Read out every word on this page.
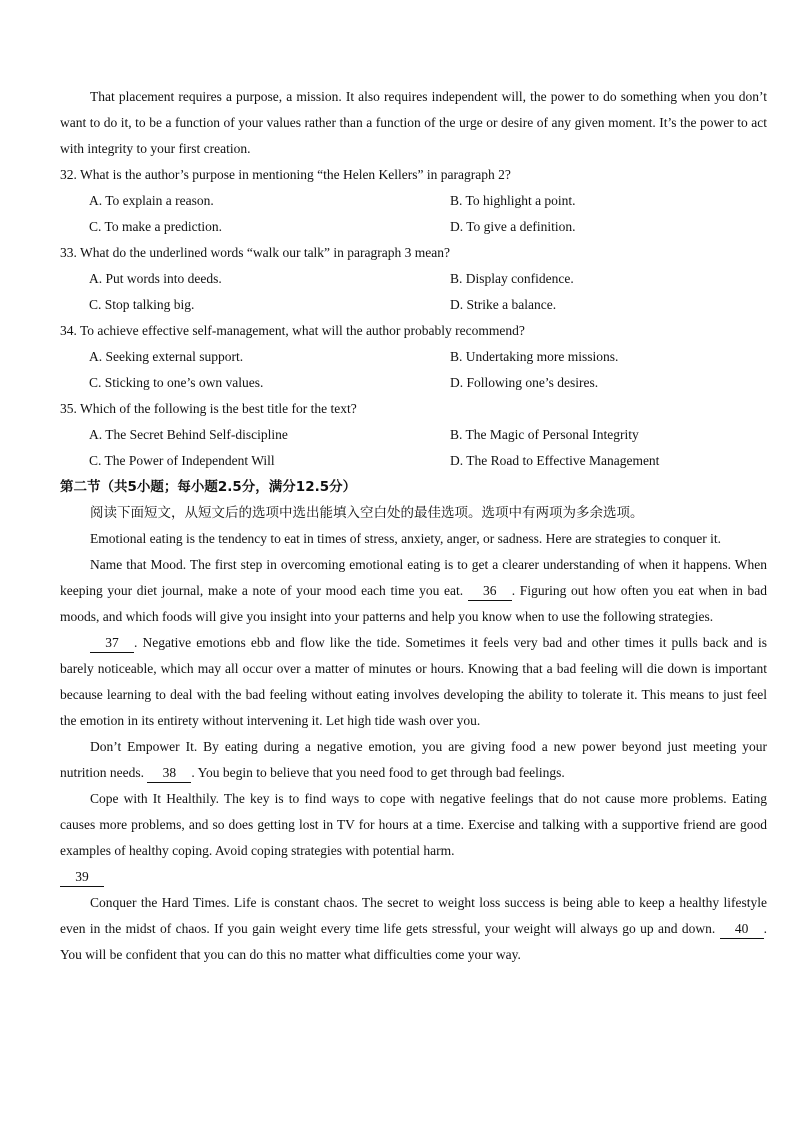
That placement requires a purpose, a mission. It also requires independent will, the power to do something when you don’t want to do it, to be a function of your values rather than a function of the urge or desire of any given moment. It’s the power to act with integrity to your first creation.

32. What is the author’s purpose in mentioning “the Helen Kellers” in paragraph 2?

A. To explain a reason.	B. To highlight a point.
C. To make a prediction.	D. To give a definition.

33. What do the underlined words “walk our talk” in paragraph 3 mean?

A. Put words into deeds.	B. Display confidence.
C. Stop talking big.	D. Strike a balance.

34. To achieve effective self-management, what will the author probably recommend?

A. Seeking external support.	B. Undertaking more missions.
C. Sticking to one’s own values.	D. Following one’s desires.

35. Which of the following is the best title for the text?

A. The Secret Behind Self-discipline	B. The Magic of Personal Integrity
C. The Power of Independent Will	D. The Road to Effective Management

第二节（共5小题；每小题2.5分，满分12.5分）

阅读下面短文，从短文后的选项中选出能填入空白处的最佳选项。选项中有两项为多余选项。

Emotional eating is the tendency to eat in times of stress, anxiety, anger, or sadness. Here are strategies to conquer it.

Name that Mood. The first step in overcoming emotional eating is to get a clearer understanding of when it happens. When keeping your diet journal, make a note of your mood each time you eat. 36 . Figuring out how often you eat when in bad moods, and which foods will give you insight into your patterns and help you know when to use the following strategies.

37 . Negative emotions ebb and flow like the tide. Sometimes it feels very bad and other times it pulls back and is barely noticeable, which may all occur over a matter of minutes or hours. Knowing that a bad feeling will die down is important because learning to deal with the bad feeling without eating involves developing the ability to tolerate it. This means to just feel the emotion in its entirety without intervening it. Let high tide wash over you.

Don’t Empower It. By eating during a negative emotion, you are giving food a new power beyond just meeting your nutrition needs. 38 . You begin to believe that you need food to get through bad feelings.

Cope with It Healthily. The key is to find ways to cope with negative feelings that do not cause more problems. Eating causes more problems, and so does getting lost in TV for hours at a time. Exercise and talking with a supportive friend are good examples of healthy coping. Avoid coping strategies with potential harm.
39

Conquer the Hard Times. Life is constant chaos. The secret to weight loss success is being able to keep a healthy lifestyle even in the midst of chaos. If you gain weight every time life gets stressful, your weight will always go up and down. 40 . You will be confident that you can do this no matter what difficulties come your way.
